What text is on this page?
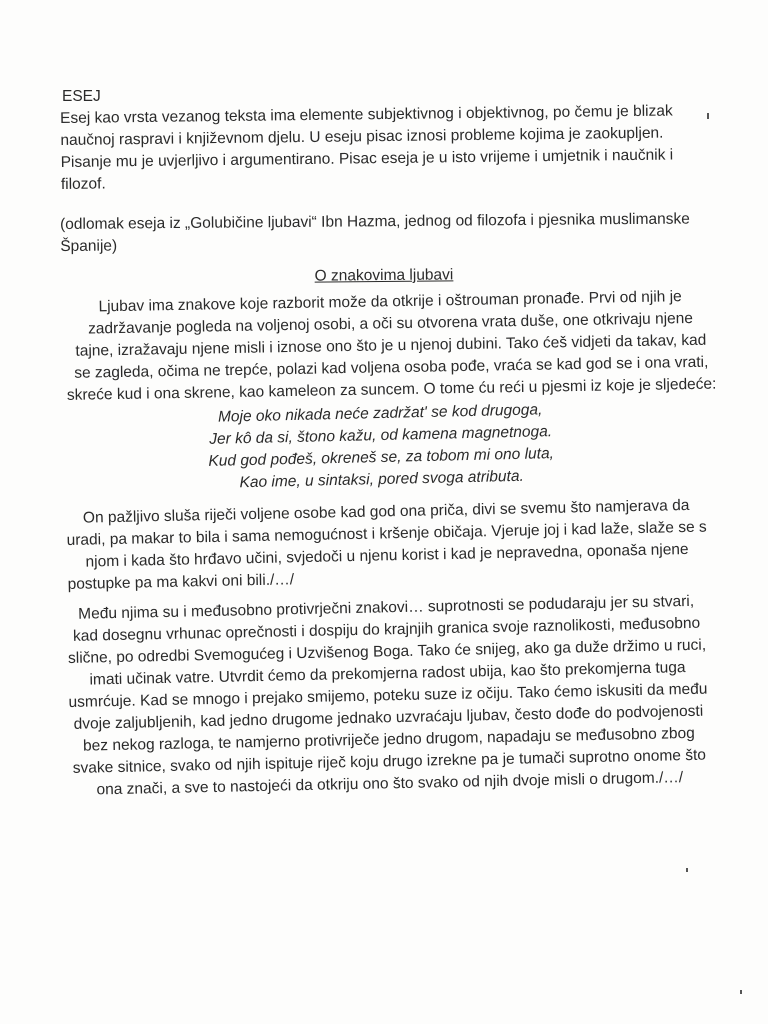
ESEJ
Esej kao vrsta vezanog teksta ima elemente subjektivnog i objektivnog, po čemu je blizak
naučnoj raspravi i književnom djelu. U eseju pisac iznosi probleme kojima je zaokupljen.
Pisanje mu je uvjerljivo i argumentirano. Pisac eseja je u isto vrijeme i umjetnik i naučnik i
filozof.
(odlomak eseja iz „Golubičine ljubavi“ Ibn Hazma, jednog od filozofa i pjesnika muslimanske
Španije)
O znakovima ljubavi
Ljubav ima znakove koje razborit može da otkrije i oštrouman pronađe. Prvi od njih je
zadržavanje pogleda na voljenoj osobi, a oči su otvorena vrata duše, one otkrivaju njene
tajne, izražavaju njene misli i iznose ono što je u njenoj dubini. Tako ćeš vidjeti da takav, kad
se zagleda, očima ne trepće, polazi kad voljena osoba pođe, vraća se kad god se i ona vrati,
skreće kud i ona skrene, kao kameleon za suncem. O tome ću reći u pjesmi iz koje je sljedeće:
Moje oko nikada neće zadržat' se kod drugoga,
Jer kô da si, štono kažu, od kamena magnetnoga.
Kud god pođeš, okreneš se, za tobom mi ono luta,
Kao ime, u sintaksi, pored svoga atributa.
On pažljivo sluša riječi voljene osobe kad god ona priča, divi se svemu što namjerava da
uradi, pa makar to bila i sama nemogućnost i kršenje običaja. Vjeruje joj i kad laže, slaže se s
njom i kada što hrđavo učini, svjedoči u njenu korist i kad je nepravedna, oponaša njene
postupke pa ma kakvi oni bili./…/
Među njima su i međusobno protivrječni znakovi… suprotnosti se podudaraju jer su stvari,
kad dosegnu vrhunac oprečnosti i dospiju do krajnjih granica svoje raznolikosti, međusobno
slične, po odredbi Svemogućeg i Uzvišenog Boga. Tako će snijeg, ako ga duže držimo u ruci,
imati učinak vatre. Utvrdit ćemo da prekomjerna radost ubija, kao što prekomjerna tuga
usmrćuje. Kad se mnogo i prejako smijemo, poteku suze iz očiju. Tako ćemo iskusiti da među
dvoje zaljubljenih, kad jedno drugome jednako uzvraćaju ljubav, često dođe do podvojenosti
bez nekog razloga, te namjerno protivriječe jedno drugom, napadaju se međusobno zbog
svake sitnice, svako od njih ispituje riječ koju drugo izrekne pa je tumači suprotno onome što
ona znači, a sve to nastojeći da otkriju ono što svako od njih dvoje misli o drugom./…/
